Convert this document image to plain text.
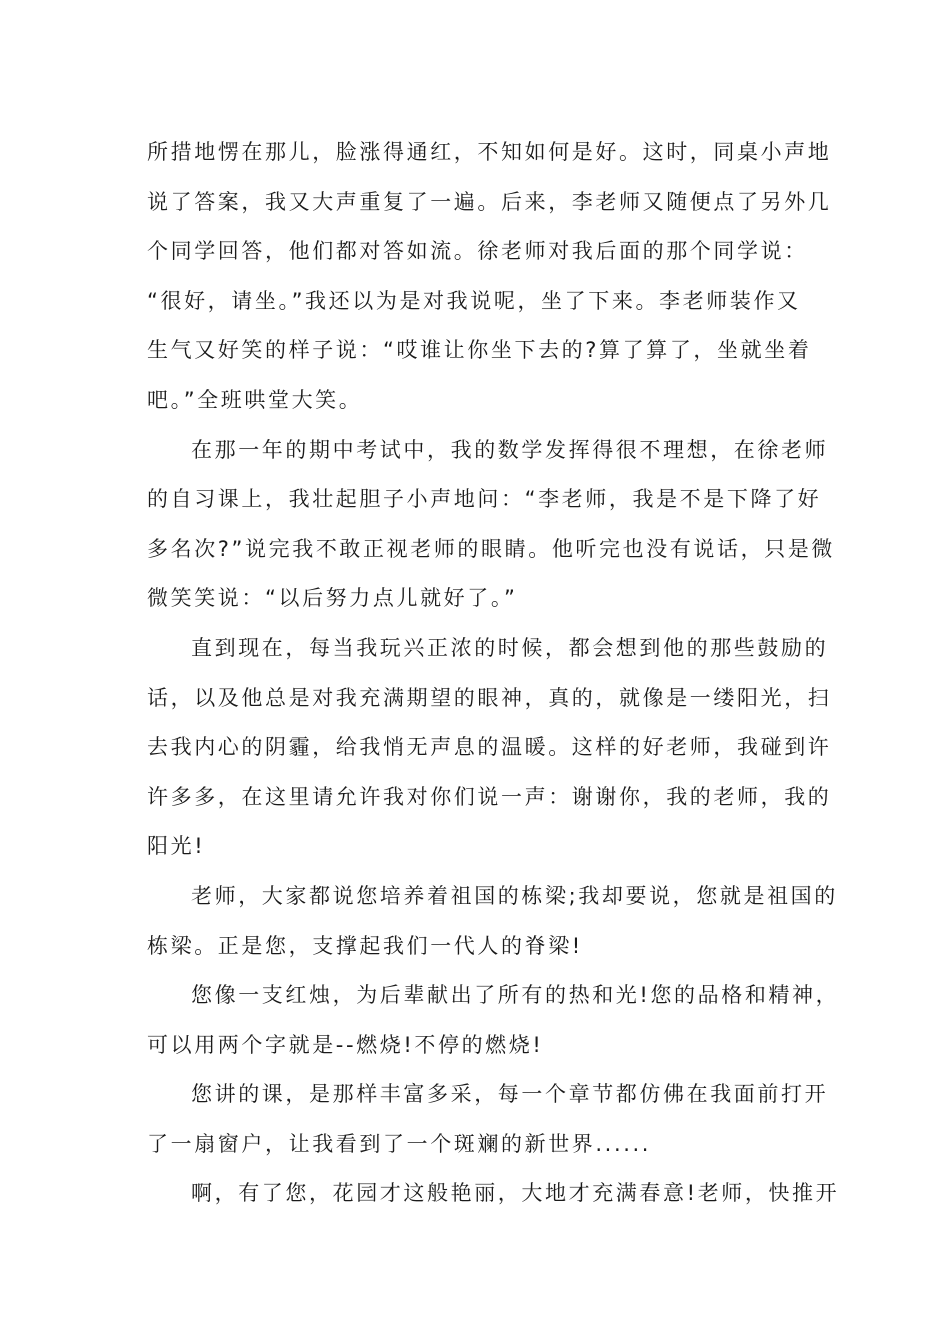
所措地愣在那儿，脸涨得通红，不知如何是好。这时，同桌小声地
说了答案，我又大声重复了一遍。后来，李老师又随便点了另外几
个同学回答，他们都对答如流。徐老师对我后面的那个同学说：
“很好，请坐。”我还以为是对我说呢，坐了下来。李老师装作又
生气又好笑的样子说：“哎谁让你坐下去的?算了算了，坐就坐着
吧。”全班哄堂大笑。
在那一年的期中考试中，我的数学发挥得很不理想，在徐老师
的自习课上，我壮起胆子小声地问：“李老师，我是不是下降了好
多名次?”说完我不敢正视老师的眼睛。他听完也没有说话，只是微
微笑笑说：“以后努力点儿就好了。”
直到现在，每当我玩兴正浓的时候，都会想到他的那些鼓励的
话，以及他总是对我充满期望的眼神，真的，就像是一缕阳光，扫
去我内心的阴霾，给我悄无声息的温暖。这样的好老师，我碰到许
许多多，在这里请允许我对你们说一声：谢谢你，我的老师，我的
阳光!
老师，大家都说您培养着祖国的栋梁;我却要说，您就是祖国的
栋梁。正是您，支撑起我们一代人的脊梁!
您像一支红烛，为后辈献出了所有的热和光!您的品格和精神，
可以用两个字就是--燃烧!不停的燃烧!
您讲的课，是那样丰富多采，每一个章节都仿佛在我面前打开
了一扇窗户，让我看到了一个斑斓的新世界......
啊，有了您，花园才这般艳丽，大地才充满春意!老师，快推开
